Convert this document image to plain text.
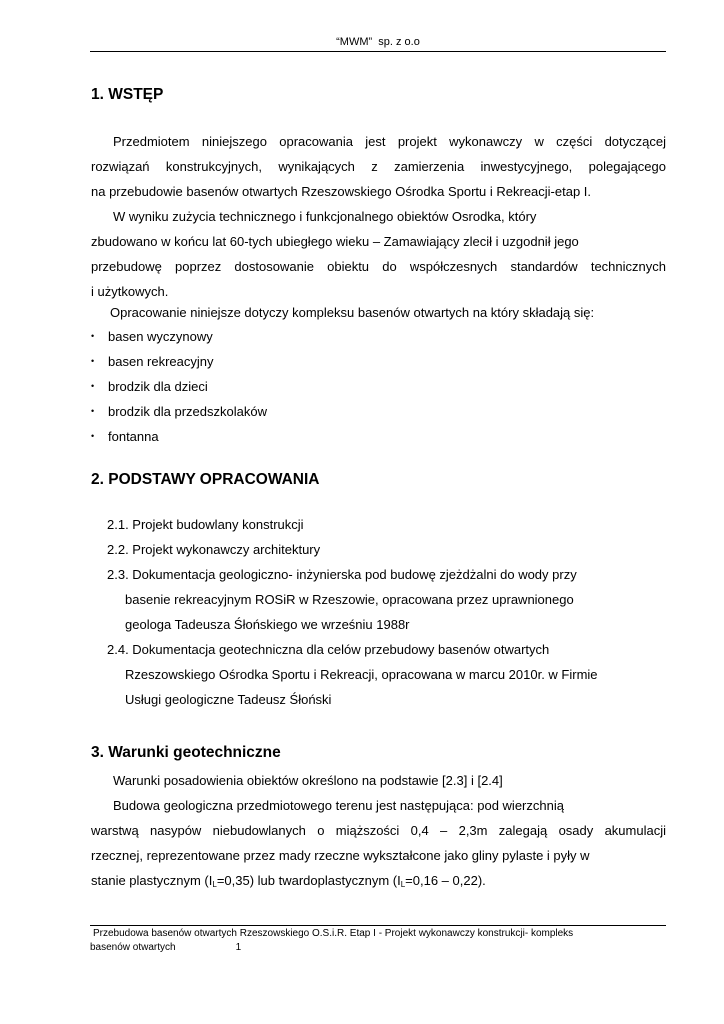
“MWM”  sp. z o.o
1. WSTĘP
Przedmiotem niniejszego opracowania jest projekt wykonawczy w części dotyczącej
rozwiązań konstrukcyjnych, wynikających z zamierzenia inwestycyjnego, polegającego
na przebudowie basenów otwartych Rzeszowskiego Ośrodka Sportu i Rekreacji-etap I.
W wyniku zużycia technicznego i funkcjonalnego obiektów Osrodka, który
zbudowano w końcu lat 60-tych ubiegłego wieku – Zamawiający zlecił i uzgodnił jego
przebudowę poprzez dostosowanie obiektu do współczesnych standardów technicznych
i użytkowych.
Opracowanie niniejsze dotyczy kompleksu basenów otwartych na który składają się:
• basen wyczynowy
• basen rekreacyjny
• brodzik dla dzieci
• brodzik dla przedszkolaków
• fontanna
2. PODSTAWY OPRACOWANIA
2.1. Projekt budowlany konstrukcji
2.2. Projekt wykonawczy architektury
2.3. Dokumentacja geologiczno- inżynierska pod budowę zjeżdżalni do wody przy
basenie rekreacyjnym ROSiR w Rzeszowie, opracowana przez uprawnionego
geologa Tadeusza Śłońskiego we wrześniu 1988r
2.4. Dokumentacja geotechniczna dla celów przebudowy basenów otwartych
Rzeszowskiego Ośrodka Sportu i Rekreacji, opracowana w marcu 2010r. w Firmie
Usługi geologiczne Tadeusz Śłoński
3. Warunki geotechniczne
Warunki posadowienia obiektów określono na podstawie [2.3] i [2.4]
Budowa geologiczna przedmiotowego terenu jest następująca: pod wierzchnią
warstwą nasypów niebudowlanych o miąższości 0,4 – 2,3m zalegają osady akumulacji
rzecznej, reprezentowane przez mady rzeczne wykształcone jako gliny pylaste i pyły w
stanie plastycznym $(I_L=0,35)$ lub twardoplastycznym $(I_L=0,16 - 0,22)$.
Przebudowa basenów otwartych Rzeszowskiego O.S.i.R. Etap I - Projekt wykonawczy konstrukcji- kompleks
basenów otwartych	1
